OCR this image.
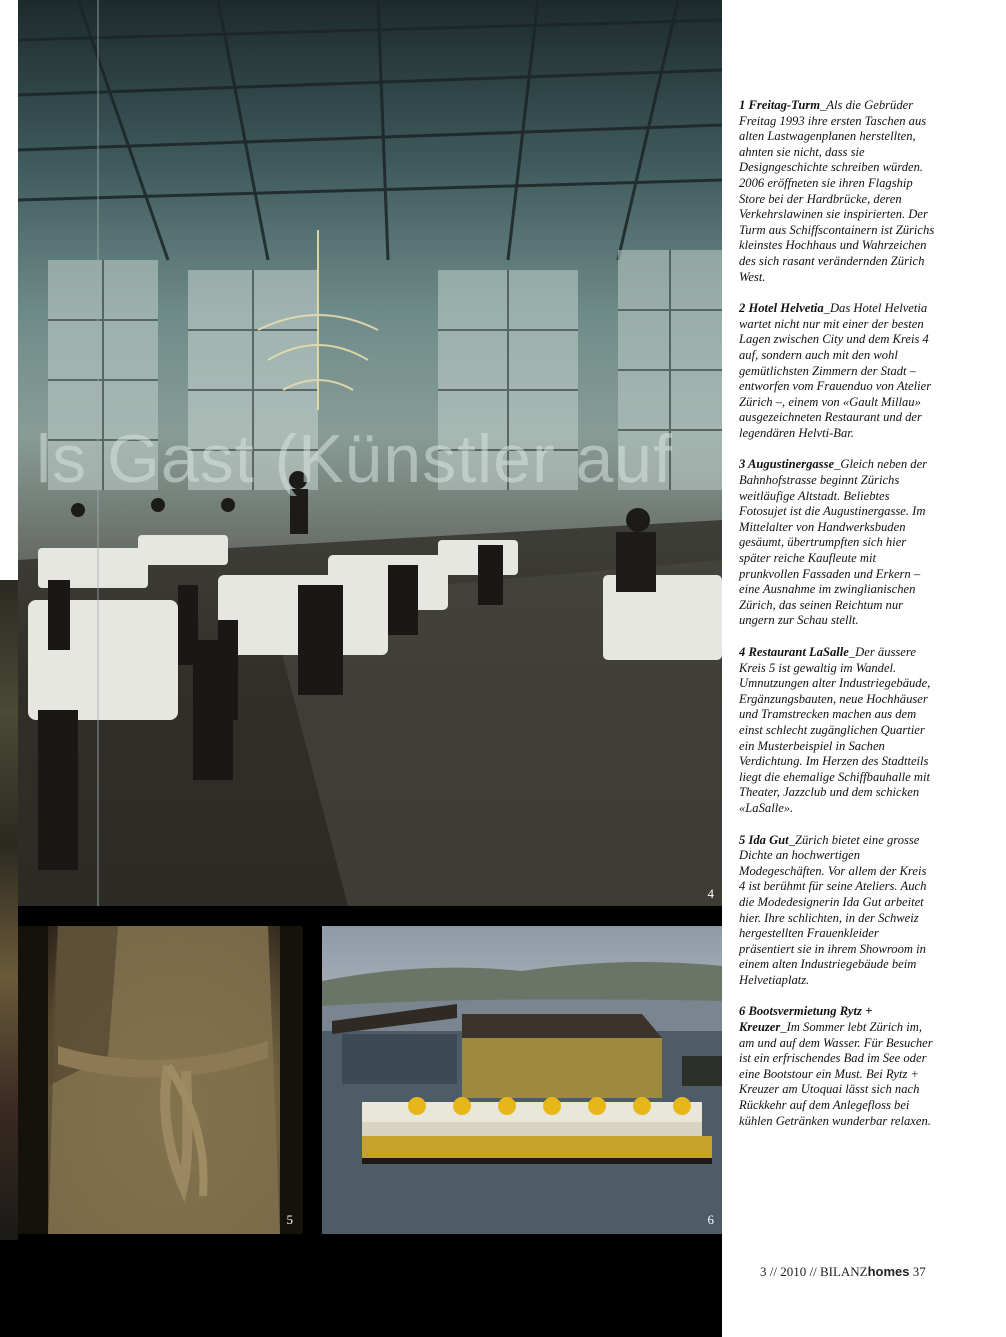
ls Gast (Künstler auf
4
5	6

1 Freitag-Turm_Als die Gebrüder Freitag 1993 ihre ersten Taschen aus alten Lastwagenplanen herstellten, ahnten sie nicht, dass sie Designgeschichte schreiben würden. 2006 eröffneten sie ihren Flagship Store bei der Hardbrücke, deren Verkehrslawinen sie inspirierten. Der Turm aus Schiffscontainern ist Zürichs kleinstes Hochhaus und Wahrzeichen des sich rasant verändernden Zürich West.

2 Hotel Helvetia_Das Hotel Helvetia wartet nicht nur mit einer der besten Lagen zwischen City und dem Kreis 4 auf, sondern auch mit den wohl gemütlichsten Zimmern der Stadt – entworfen vom Frauenduo von Atelier Zürich –, einem von «Gault Millau» ausgezeichneten Restaurant und der legendären Helvti-Bar.

3 Augustinergasse_Gleich neben der Bahnhofstrasse beginnt Zürichs weitläufige Altstadt. Beliebtes Fotosujet ist die Augustinergasse. Im Mittelalter von Handwerksbuden gesäumt, übertrumpften sich hier später reiche Kaufleute mit prunkvollen Fassaden und Erkern – eine Ausnahme im zwinglianischen Zürich, das seinen Reichtum nur ungern zur Schau stellt.

4 Restaurant LaSalle_Der äussere Kreis 5 ist gewaltig im Wandel. Umnutzungen alter Industriegebäude, Ergänzungsbauten, neue Hochhäuser und Tramstrecken machen aus dem einst schlecht zugänglichen Quartier ein Musterbeispiel in Sachen Verdichtung. Im Herzen des Stadtteils liegt die ehemalige Schiffbauhalle mit Theater, Jazzclub und dem schicken «LaSalle».

5 Ida Gut_Zürich bietet eine grosse Dichte an hochwertigen Modegeschäften. Vor allem der Kreis 4 ist berühmt für seine Ateliers. Auch die Modedesignerin Ida Gut arbeitet hier. Ihre schlichten, in der Schweiz hergestellten Frauenkleider präsentiert sie in ihrem Showroom in einem alten Industriegebäude beim Helvetiaplatz.

6 Bootsvermietung Rytz + Kreuzer_Im Sommer lebt Zürich im, am und auf dem Wasser. Für Besucher ist ein erfrischendes Bad im See oder eine Bootstour ein Must. Bei Rytz + Kreuzer am Utoquai lässt sich nach Rückkehr auf dem Anlegefloss bei kühlen Getränken wunderbar relaxen.

3 // 2010 // BILANZhomes 37
